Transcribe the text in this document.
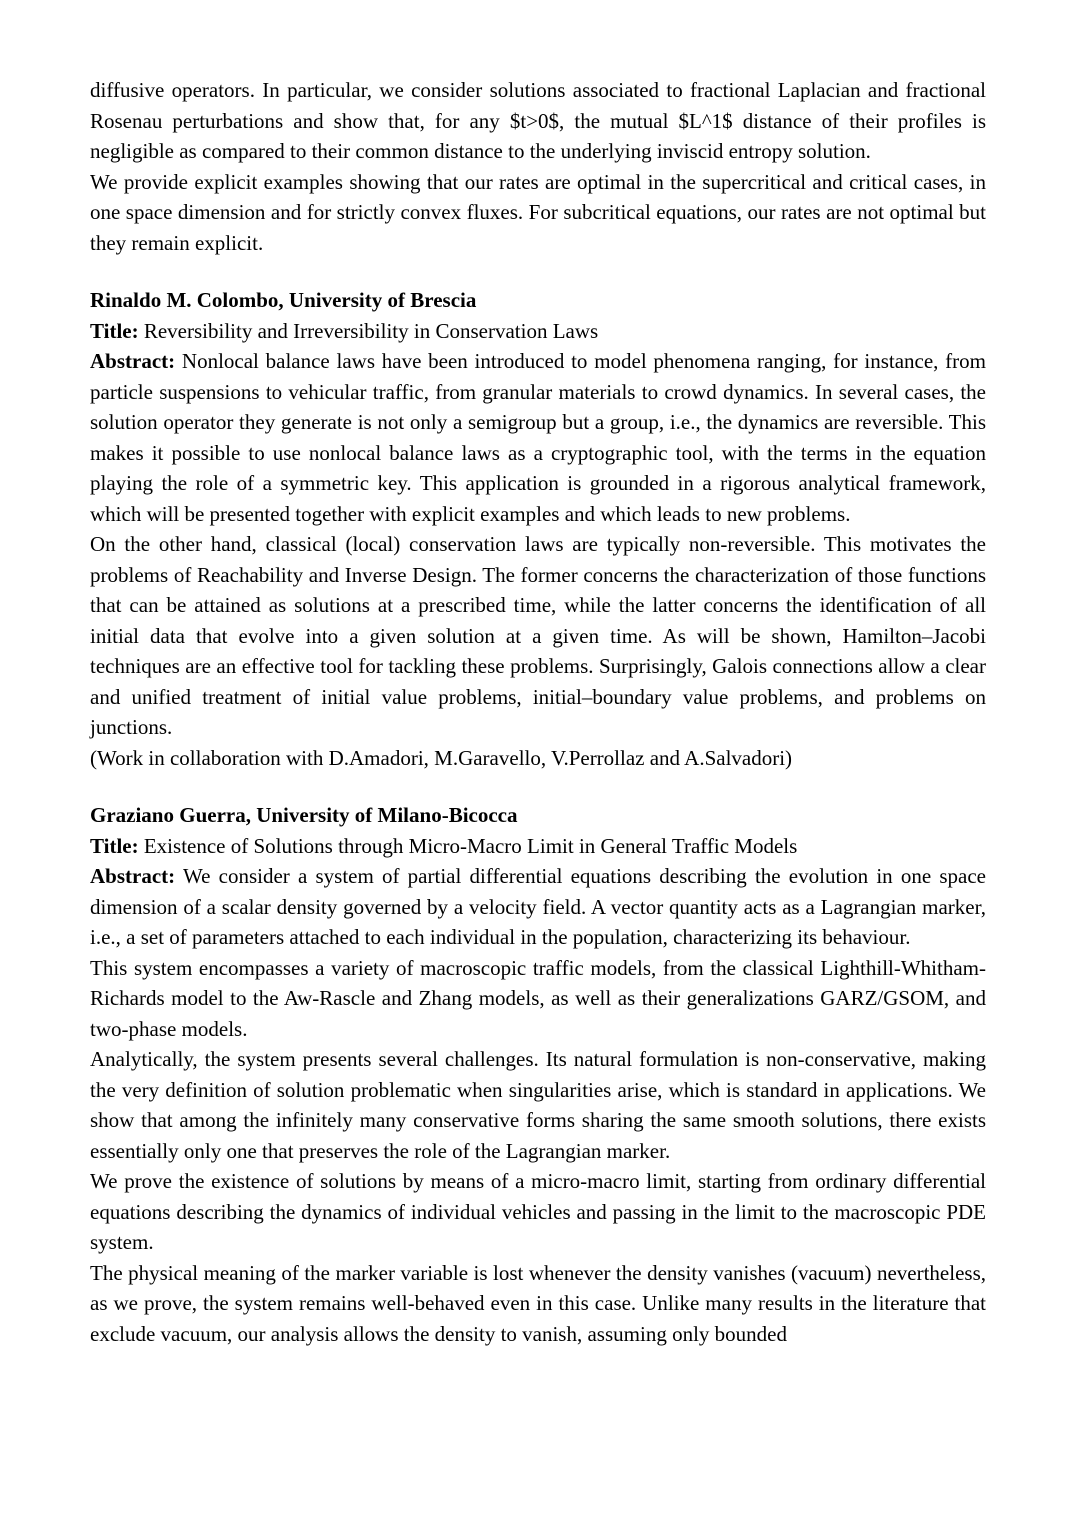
diffusive operators. In particular, we consider solutions associated to fractional Laplacian and fractional Rosenau perturbations and show that, for any $t>0$, the mutual $L^1$ distance of their profiles is negligible as compared to their common distance to the underlying inviscid entropy solution.

We provide explicit examples showing that our rates are optimal in the supercritical and critical cases, in one space dimension and for strictly convex fluxes. For subcritical equations, our rates are not optimal but they remain explicit.

Rinaldo M. Colombo, University of Brescia

Title: Reversibility and Irreversibility in Conservation Laws

Abstract: Nonlocal balance laws have been introduced to model phenomena ranging, for instance, from particle suspensions to vehicular traffic, from granular materials to crowd dynamics. In several cases, the solution operator they generate is not only a semigroup but a group, i.e., the dynamics are reversible. This makes it possible to use nonlocal balance laws as a cryptographic tool, with the terms in the equation playing the role of a symmetric key. This application is grounded in a rigorous analytical framework, which will be presented together with explicit examples and which leads to new problems.

On the other hand, classical (local) conservation laws are typically non-reversible. This motivates the problems of Reachability and Inverse Design. The former concerns the characterization of those functions that can be attained as solutions at a prescribed time, while the latter concerns the identification of all initial data that evolve into a given solution at a given time. As will be shown, Hamilton–Jacobi techniques are an effective tool for tackling these problems. Surprisingly, Galois connections allow a clear and unified treatment of initial value problems, initial–boundary value problems, and problems on junctions.

(Work in collaboration with D.Amadori, M.Garavello, V.Perrollaz and A.Salvadori)

Graziano Guerra, University of Milano-Bicocca

Title: Existence of Solutions through Micro-Macro Limit in General Traffic Models

Abstract: We consider a system of partial differential equations describing the evolution in one space dimension of a scalar density governed by a velocity field. A vector quantity acts as a Lagrangian marker, i.e., a set of parameters attached to each individual in the population, characterizing its behaviour.

This system encompasses a variety of macroscopic traffic models, from the classical Lighthill-Whitham-Richards model to the Aw-Rascle and Zhang models, as well as their generalizations GARZ/GSOM, and two-phase models.

Analytically, the system presents several challenges. Its natural formulation is non-conservative, making the very definition of solution problematic when singularities arise, which is standard in applications. We show that among the infinitely many conservative forms sharing the same smooth solutions, there exists essentially only one that preserves the role of the Lagrangian marker.

We prove the existence of solutions by means of a micro-macro limit, starting from ordinary differential equations describing the dynamics of individual vehicles and passing in the limit to the macroscopic PDE system.

The physical meaning of the marker variable is lost whenever the density vanishes (vacuum) nevertheless, as we prove, the system remains well-behaved even in this case. Unlike many results in the literature that exclude vacuum, our analysis allows the density to vanish, assuming only bounded
